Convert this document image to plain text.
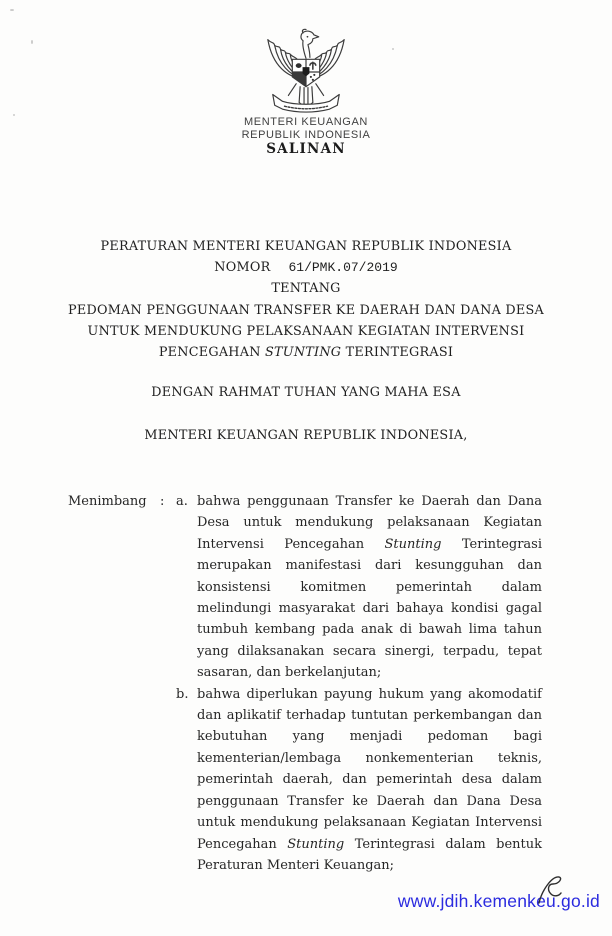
MENTERI KEUANGAN
REPUBLIK INDONESIA
SALINAN
PERATURAN MENTERI KEUANGAN REPUBLIK INDONESIA
NOMOR 61/PMK.07/2019
TENTANG
PEDOMAN PENGGUNAAN TRANSFER KE DAERAH DAN DANA DESA
UNTUK MENDUKUNG PELAKSANAAN KEGIATAN INTERVENSI
PENCEGAHAN STUNTING TERINTEGRASI
DENGAN RAHMAT TUHAN YANG MAHA ESA
MENTERI KEUANGAN REPUBLIK INDONESIA,
Menimbang	: a. bahwa penggunaan Transfer ke Daerah dan Dana Desa untuk mendukung pelaksanaan Kegiatan Intervensi Pencegahan Stunting Terintegrasi merupakan manifestasi dari kesungguhan dan konsistensi komitmen pemerintah dalam melindungi masyarakat dari bahaya kondisi gagal tumbuh kembang pada anak di bawah lima tahun yang dilaksanakan secara sinergi, terpadu, tepat sasaran, dan berkelanjutan;
b. bahwa diperlukan payung hukum yang akomodatif dan aplikatif terhadap tuntutan perkembangan dan kebutuhan yang menjadi pedoman bagi kementerian/lembaga nonkementerian teknis, pemerintah daerah, dan pemerintah desa dalam penggunaan Transfer ke Daerah dan Dana Desa untuk mendukung pelaksanaan Kegiatan Intervensi Pencegahan Stunting Terintegrasi dalam bentuk Peraturan Menteri Keuangan;
www.jdih.kemenkeu.go.id
